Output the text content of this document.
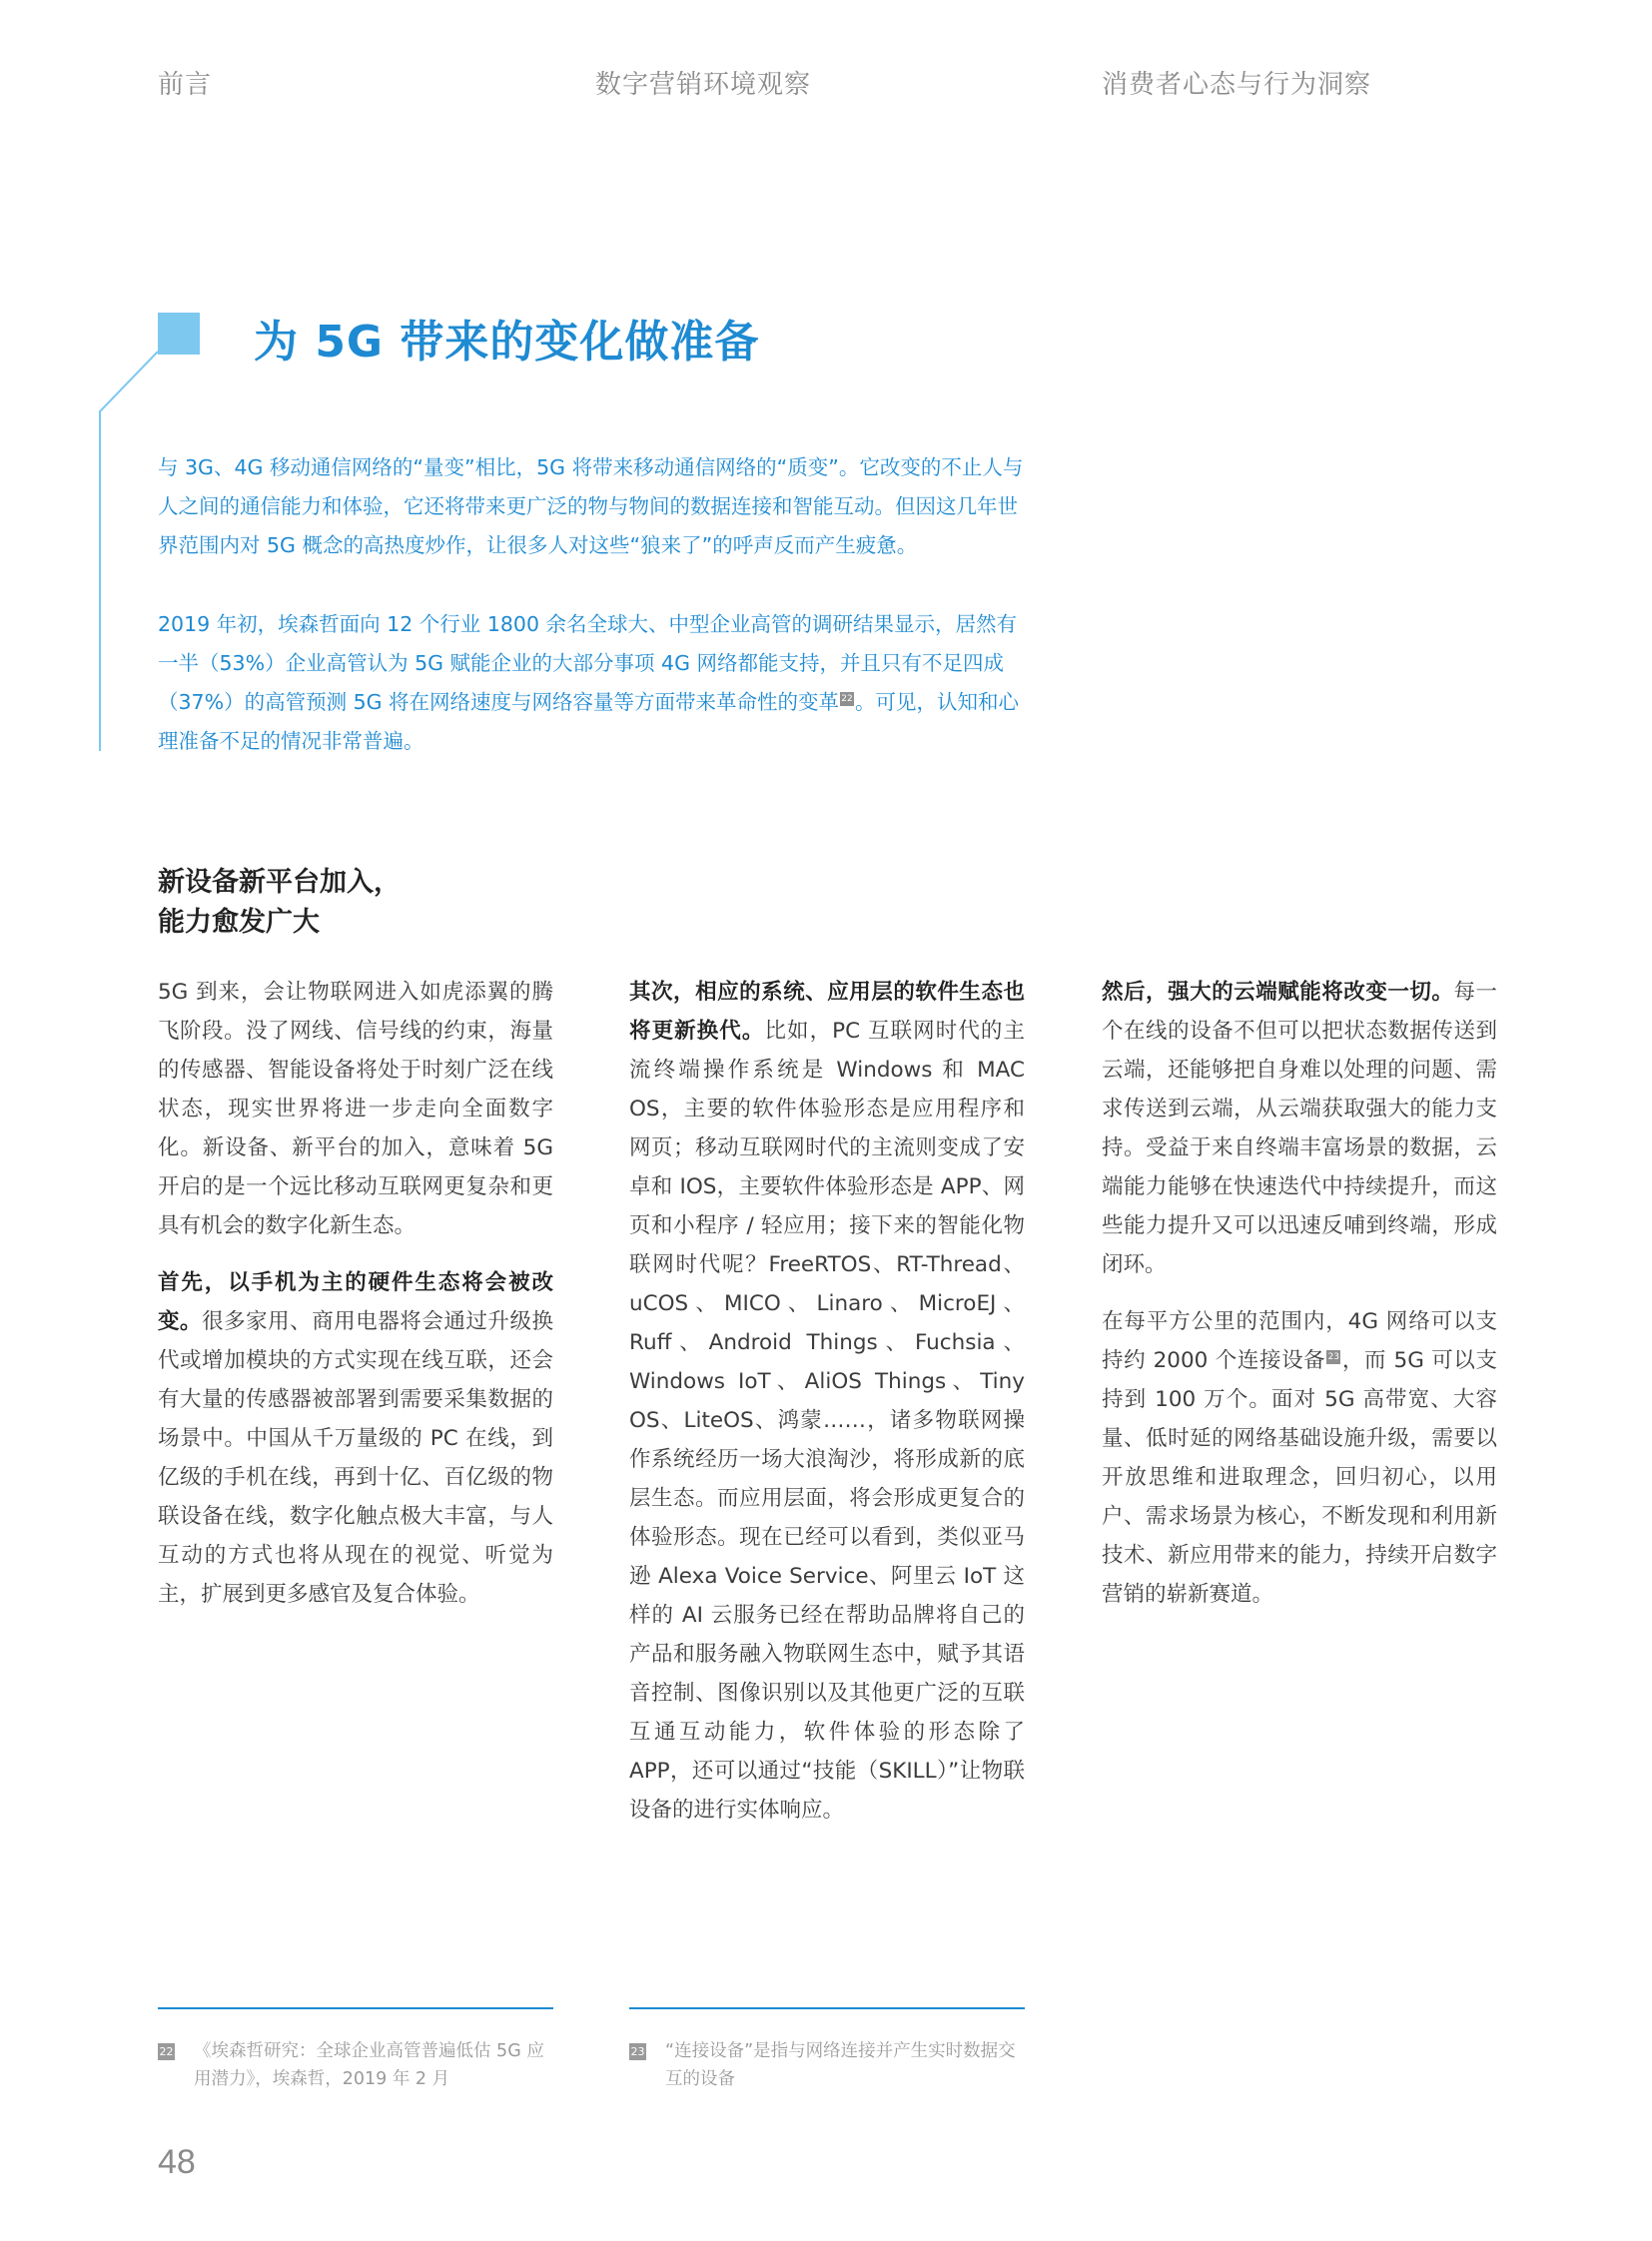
前言	数字营销环境观察	消费者心态与行为洞察
为 5G 带来的变化做准备

与 3G、4G 移动通信网络的“量变”相比，5G 将带来移动通信网络的“质变”。它改变的不止人与人之间的通信能力和体验，它还将带来更广泛的物与物间的数据连接和智能互动。但因这几年世界范围内对 5G 概念的高热度炒作，让很多人对这些“狼来了”的呼声反而产生疲惫。

2019 年初，埃森哲面向 12 个行业 1800 余名全球大、中型企业高管的调研结果显示，居然有一半（53%）企业高管认为 5G 赋能企业的大部分事项 4G 网络都能支持，并且只有不足四成（37%）的高管预测 5G 将在网络速度与网络容量等方面带来革命性的变革 22 。可见，认知和心理准备不足的情况非常普遍。

新设备新平台加入，
能力愈发广大

5G 到来，会让物联网进入如虎添翼的腾飞阶段。没了网线、信号线的约束，海量的传感器、智能设备将处于时刻广泛在线状态，现实世界将进一步走向全面数字化。新设备、新平台的加入，意味着 5G 开启的是一个远比移动互联网更复杂和更具有机会的数字化新生态。

首先，以手机为主的硬件生态将会被改变。很多家用、商用电器将会通过升级换代或增加模块的方式实现在线互联，还会有大量的传感器被部署到需要采集数据的场景中。中国从千万量级的 PC 在线，到亿级的手机在线，再到十亿、百亿级的物联设备在线，数字化触点极大丰富，与人互动的方式也将从现在的视觉、听觉为主，扩展到更多感官及复合体验。

其次，相应的系统、应用层的软件生态也将更新换代。比如，PC 互联网时代的主流终端操作系统是 Windows 和 MAC OS，主要的软件体验形态是应用程序和网页；移动互联网时代的主流则变成了安卓和 IOS，主要软件体验形态是 APP、网页和小程序 / 轻应用；接下来的智能化物联网时代呢？FreeRTOS、RT-Thread、uCOS、MICO、Linaro、MicroEJ、Ruff、Android Things、Fuchsia、Windows IoT、AliOS Things、Tiny OS、LiteOS、鸿蒙……，诸多物联网操作系统经历一场大浪淘沙，将形成新的底层生态。而应用层面，将会形成更复合的体验形态。现在已经可以看到，类似亚马逊 Alexa Voice Service、阿里云 IoT 这样的 AI 云服务已经在帮助品牌将自己的产品和服务融入物联网生态中，赋予其语音控制、图像识别以及其他更广泛的互联互通互动能力，软件体验的形态除了 APP，还可以通过“技能（SKILL）”让物联设备的进行实体响应。

然后，强大的云端赋能将改变一切。每一个在线的设备不但可以把状态数据传送到云端，还能够把自身难以处理的问题、需求传送到云端，从云端获取强大的能力支持。受益于来自终端丰富场景的数据，云端能力能够在快速迭代中持续提升，而这些能力提升又可以迅速反哺到终端，形成闭环。

在每平方公里的范围内，4G 网络可以支持约 2000 个连接设备 23 ，而 5G 可以支持到 100 万个。面对 5G 高带宽、大容量、低时延的网络基础设施升级，需要以开放思维和进取理念，回归初心，以用户、需求场景为核心，不断发现和利用新技术、新应用带来的能力，持续开启数字营销的崭新赛道。

22 《埃森哲研究：全球企业高管普遍低估 5G 应用潜力》，埃森哲，2019 年 2 月
23 “连接设备”是指与网络连接并产生实时数据交互的设备
48
